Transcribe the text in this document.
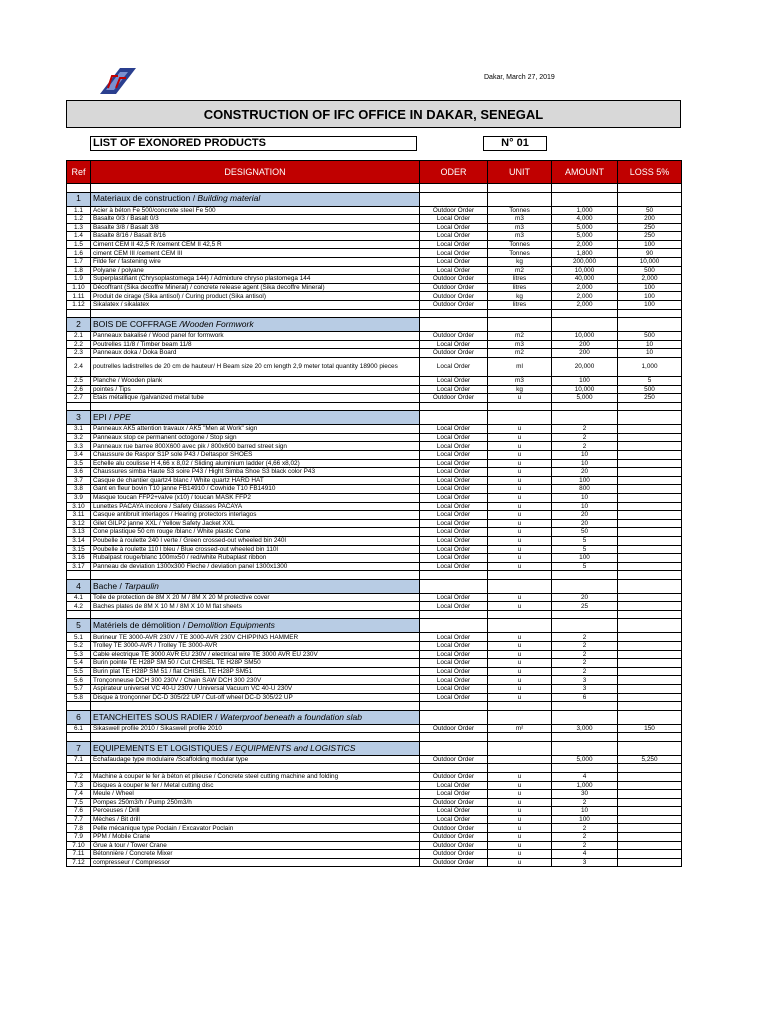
Dakar, March 27, 2019
CONSTRUCTION OF IFC OFFICE IN DAKAR, SENEGAL
LIST OF EXONORED PRODUCTS	N° 01
Ref	DESIGNATION	ODER	UNIT	AMOUNT	LOSS 5%

1	Materiaux de construction / Building material				
1.1	Acier à béton Fe 500/concrete steel Fe 500	Outdoor Order	Tonnes	1,000	50
1.2	Basalte 0/3 / Basalt 0/3	Local Order	m3	4,000	200
1.3	Basalte 3/8 / Basalt 3/8	Local Order	m3	5,000	250
1.4	Basalte 8/16 / Basalt 8/16	Local Order	m3	5,000	250
1.5	Ciment CEM II 42,5 R /cement CEM II 42,5 R	Local Order	Tonnes	2,000	100
1.6	ciment CEM III /cement CEM III	Local Order	Tonnes	1,800	90
1.7	Filde fer / fastening wire	Local Order	kg	200,000	10,000
1.8	Polyane / polyane	Local Order	m2	10,000	500
1.9	Superplastifiant (Chrysoplastomega 144) / Admixture chryso plastomega 144	Outdoor Order	litres	40,000	2,000
1.10	Décoffrant (Sika decoffre Mineral) / concrete release agent (Sika decoffre Mineral)	Outdoor Order	litres	2,000	100
1.11	Produit de cirage (Sika antisol) / Curing product (Sika antisol)	Outdoor Order	kg	2,000	100
1.12	Sikalatex / sikalatex	Outdoor Order	litres	2,000	100

2	BOIS DE COFFRAGE /Wooden Formwork				
2.1	Panneaux bakalisé / Wood panel for formwork	Outdoor Order	m2	10,000	500
2.2	Poutrelles 11/8 / Timber beam 11/8	Local Order	m3	200	10
2.3	Panneaux doka / Doka Board	Outdoor Order	m2	200	10
2.4	poutrelles ladistrelles de 20 cm de hauteur/ H Beam size 20 cm length 2,9 meter total quantity 18900 pieces	Local Order	ml	20,000	1,000
2.5	Planche / Wooden plank	Local Order	m3	100	5
2.6	pointes / Tips	Local Order	kg	10,000	500
2.7	Etais métallique /galvanized metal tube	Outdoor Order	u	5,000	250

3	EPI / PPE				
3.1	Panneaux AK5 attention travaux / AK5 "Men at Work" sign	Local Order	u	2	
3.2	Panneaux stop ce permanent octogone / Stop sign	Local Order	u	2	
3.3	Panneaux rue barree 800X600 avec pik / 800x600 barred street sign	Local Order	u	2	
3.4	Chaussure de Raspor S1P sole P43 / Deltaspor SHOES	Local Order	u	10	
3.5	Echelle alu coulisse H 4,66 x 8,02 / Sliding aluminium ladder (4,66 x8,02)	Local Order	u	10	
3.6	Chaussures simba Haute S3 soire P43 / Hight Simba Shoe S3 black color P43	Local Order	u	20	
3.7	Casque de chantier quartz4 blanc / White quartz HARD HAT	Local Order	u	100	
3.8	Gant en fleur bovin T10 janne FB14910 / Cowhide T10 FB14910	Local Order	u	800	
3.9	Masque toucan FFP2+valve (x10) / toucan MASK FFP2	Local Order	u	10	
3.10	Lunettes PACAYA incolore / Safety Glasses PACAYA	Local Order	u	10	
3.11	Casque antibruit interlagos / Hearing protectors interlagos	Local Order	u	20	
3.12	Gilet GILP2 janne XXL / Yellow Safety Jacket XXL	Local Order	u	20	
3.13	Cone plastique 50 cm rouge /blanc / White plastic Cone	Local Order	u	50	
3.14	Poubelle à roulette 240 l verte / Green crossed-out wheeled bin 240l	Local Order	u	5	
3.15	Poubelle à roulette 110 l bleu / Blue crossed-out wheeled bin 110l	Local Order	u	5	
3.16	Rubalpast rouge/blanc 100mx50 / red/white Rubaplast ribbon	Local Order	u	100	
3.17	Panneau de deviation 1300x300 Fleche / deviation panel 1300x1300	Local Order	u	5	

4	Bache / Tarpaulin				
4.1	Toile de protection de 8M X 20 M / 8M X 20 M protective cover	Local Order	u	20	
4.2	Baches plates de 8M X 10 M / 8M X 10 M flat sheets	Local Order	u	25	

5	Matériels de démolition / Demolition Equipments				
5.1	Burineur TE 3000-AVR 230V / TE 3000-AVR 230V CHIPPING HAMMER	Local Order	u	2	
5.2	Trolley TE 3000-AVR / Trolley TE 3000-AVR	Local Order	u	2	
5.3	Cable electrique TE 3000 AVR EU 230V / electrical wire TE 3000 AVR EU 230V	Local Order	u	2	
5.4	Burin pointe TE H28P SM 50 / Cut CHISEL TE H28P SM50	Local Order	u	2	
5.5	Burin plat TE H28P SM 51 / flat CHISEL TE H28P SM51	Local Order	u	2	
5.6	Tronçonneuse DCH 300 230V / Chain SAW DCH 300 230V	Local Order	u	3	
5.7	Aspirateur universel VC 40-U 230V / Universal Vacuum VC 40-U 230V	Local Order	u	3	
5.8	Disque à tronçonner DC-D 305/22 UP / Cut-off wheel DC-D 305/22 UP	Local Order	u	6	

6	ETANCHEITES SOUS RADIER / Waterproof beneath a foundation slab				
6.1	Sikaswell profile 2010 / Sikaswell profile 2010	Outdoor Order	m²	3,000	150

7	EQUIPEMENTS ET LOGISTIQUES / EQUIPMENTS and LOGISTICS				
7.1	Echafaudage type modulaire /Scaffolding modular type	Outdoor Order		5,000	5,250

7.2	Machine à couper le fer à béton et plieuse / Concrete steel cutting machine and folding	Outdoor Order	u	4	
7.3	Disques à couper le fer / Metal cutting disc	Local Order	u	1,000	
7.4	Meule / Wheel	Local Order	u	30	
7.5	Pompes 250m3/h / Pump 250m3/h	Outdoor Order	u	2	
7.6	Perceuses / Drill	Local Order	u	10	
7.7	Mèches / Bit drill	Local Order	u	100	
7.8	Pelle mécanique type Poclain / Excavator Poclain	Outdoor Order	u	2	
7.9	PPM / Mobile Crane	Outdoor Order	u	2	
7.10	Grue à tour / Tower Crane	Outdoor Order	u	2	
7.11	Bétonnière / Concrete Mixer	Outdoor Order	u	4	
7.12	compresseur / Compressor	Outdoor Order	u	3	
